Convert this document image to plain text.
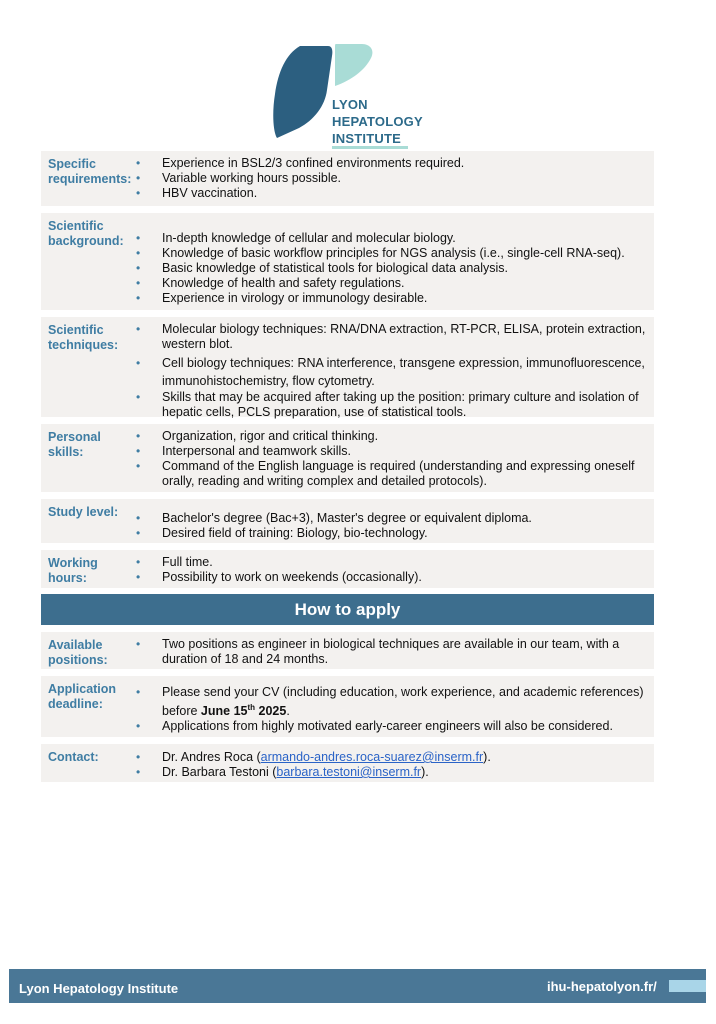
LYON
HEPATOLOGY
INSTITUTE
Specific requirements:
• Experience in BSL2/3 confined environments required.
• Variable working hours possible.
• HBV vaccination.
Scientific background:	• In-depth knowledge of cellular and molecular biology.
• Knowledge of basic workflow principles for NGS analysis (i.e., single-cell RNA-seq).
• Basic knowledge of statistical tools for biological data analysis.
• Knowledge of health and safety regulations.
• Experience in virology or immunology desirable.
Scientific techniques:
• Molecular biology techniques: RNA/DNA extraction, RT-PCR, ELISA, protein extraction, western blot.
• Cell biology techniques: RNA interference, transgene expression, immunofluorescence, immunohistochemistry, flow cytometry.
• Skills that may be acquired after taking up the position: primary culture and isolation of hepatic cells, PCLS preparation, use of statistical tools.
Personal skills:
• Organization, rigor and critical thinking.
• Interpersonal and teamwork skills.
• Command of the English language is required (understanding and expressing oneself orally, reading and writing complex and detailed protocols).
Study level:	• Bachelor's degree (Bac+3), Master's degree or equivalent diploma.
• Desired field of training: Biology, bio-technology.
Working hours:
• Full time.
• Possibility to work on weekends (occasionally).
How to apply
Available positions:
• Two positions as engineer in biological techniques are available in our team, with a duration of 18 and 24 months.
Application deadline:
• Please send your CV (including education, work experience, and academic references) before June 15th 2025.
• Applications from highly motivated early-career engineers will also be considered.
Contact:	• Dr. Andres Roca (armando-andres.roca-suarez@inserm.fr).
• Dr. Barbara Testoni (barbara.testoni@inserm.fr).
Lyon Hepatology Institute	ihu-hepatolyon.fr/
